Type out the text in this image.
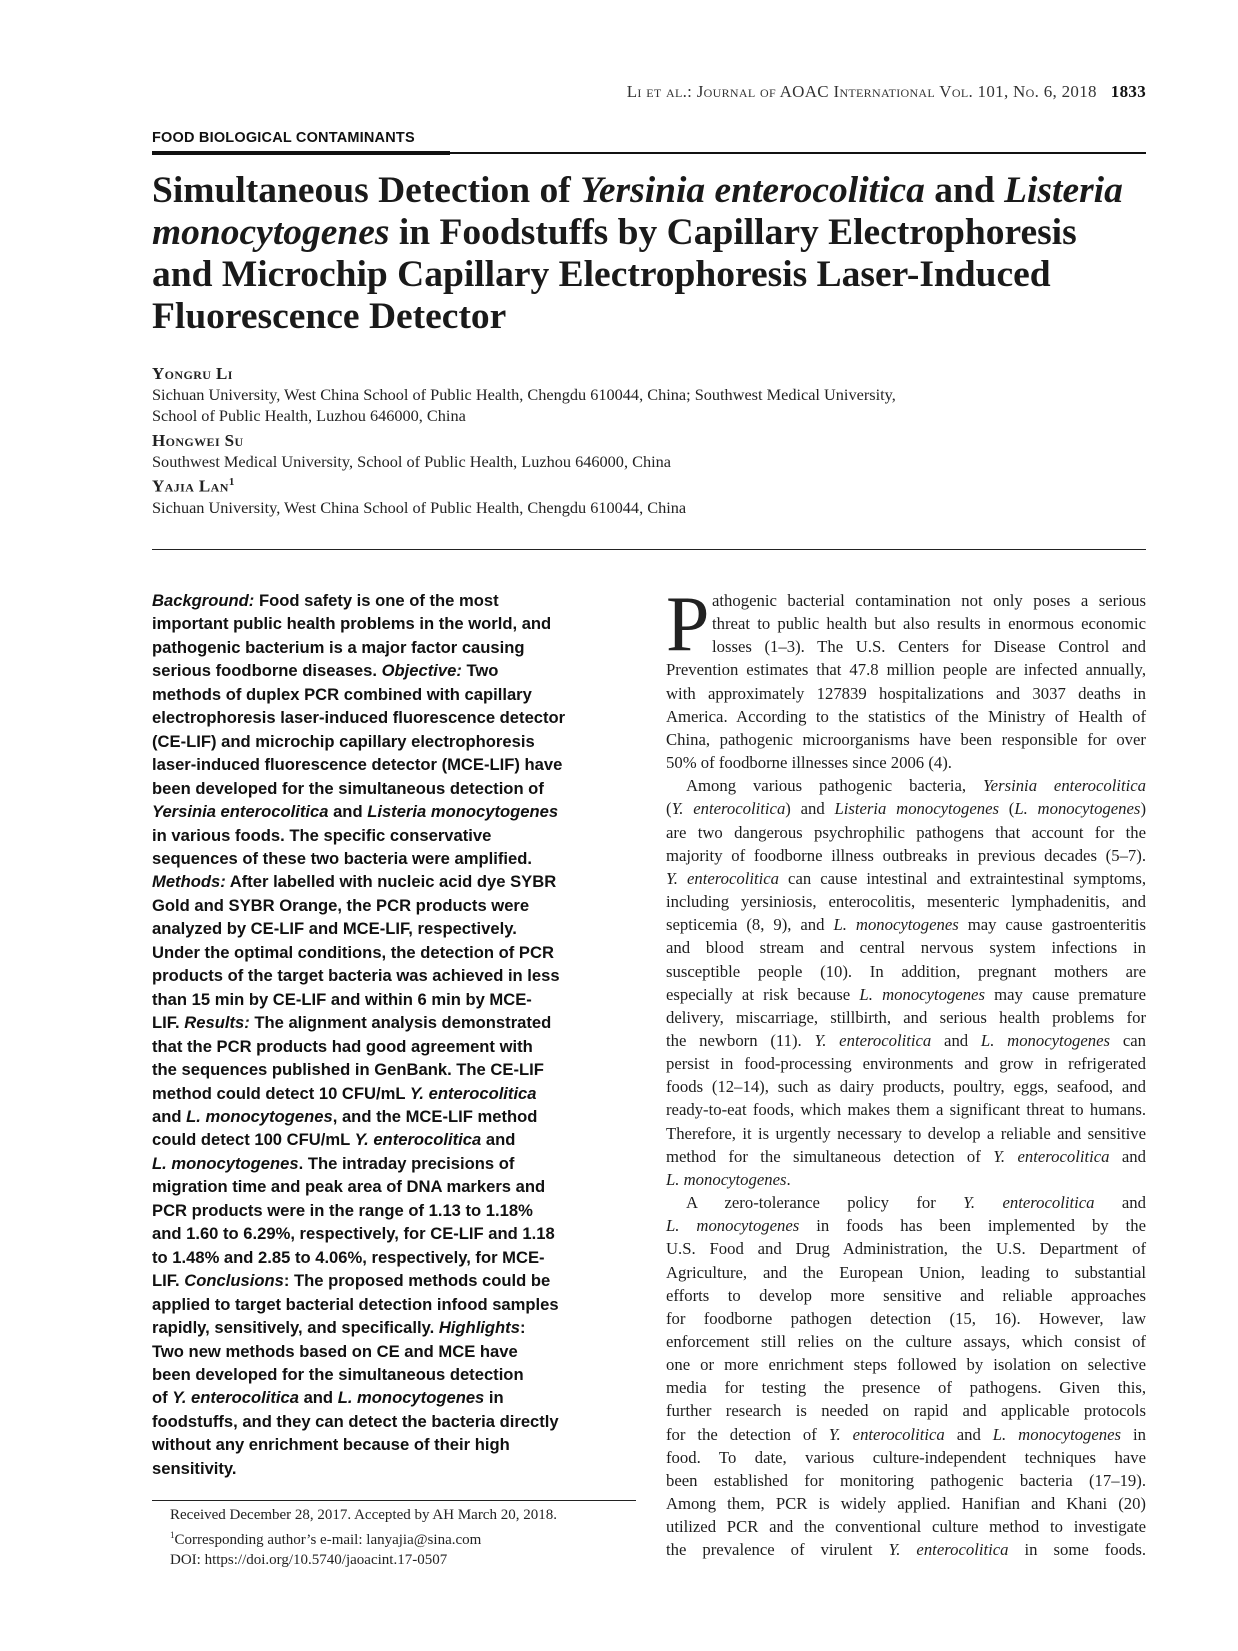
Li et al.: Journal of AOAC International Vol. 101, No. 6, 2018 1833
FOOD BIOLOGICAL CONTAMINANTS
Simultaneous Detection of Yersinia enterocolitica and Listeria
monocytogenes in Foodstuffs by Capillary Electrophoresis
and Microchip Capillary Electrophoresis Laser-Induced
Fluorescence Detector
Yongru Li
Sichuan University, West China School of Public Health, Chengdu 610044, China; Southwest Medical University,
School of Public Health, Luzhou 646000, China
Hongwei Su
Southwest Medical University, School of Public Health, Luzhou 646000, China
Yajia Lan$^1$
Sichuan University, West China School of Public Health, Chengdu 610044, China
Background: Food safety is one of the most
important public health problems in the world, and
pathogenic bacterium is a major factor causing
serious foodborne diseases. Objective: Two
methods of duplex PCR combined with capillary
electrophoresis laser-induced fluorescence detector
(CE-LIF) and microchip capillary electrophoresis
laser-induced fluorescence detector (MCE-LIF) have
been developed for the simultaneous detection of
Yersinia enterocolitica and Listeria monocytogenes
in various foods. The specific conservative
sequences of these two bacteria were amplified.
Methods: After labelled with nucleic acid dye SYBR
Gold and SYBR Orange, the PCR products were
analyzed by CE-LIF and MCE-LIF, respectively.
Under the optimal conditions, the detection of PCR
products of the target bacteria was achieved in less
than 15 min by CE-LIF and within 6 min by MCE-
LIF. Results: The alignment analysis demonstrated
that the PCR products had good agreement with
the sequences published in GenBank. The CE-LIF
method could detect 10 CFU/mL Y. enterocolitica
and L. monocytogenes, and the MCE-LIF method
could detect 100 CFU/mL Y. enterocolitica and
L. monocytogenes. The intraday precisions of
migration time and peak area of DNA markers and
PCR products were in the range of 1.13 to 1.18%
and 1.60 to 6.29%, respectively, for CE-LIF and 1.18
to 1.48% and 2.85 to 4.06%, respectively, for MCE-
LIF. Conclusions: The proposed methods could be
applied to target bacterial detection infood samples
rapidly, sensitively, and specifically. Highlights:
Two new methods based on CE and MCE have
been developed for the simultaneous detection
of Y. enterocolitica and L. monocytogenes in
foodstuffs, and they can detect the bacteria directly
without any enrichment because of their high
sensitivity.
Received December 28, 2017. Accepted by AH March 20, 2018.
$^1$Corresponding author’s e-mail: lanyajia@sina.com
DOI: https://doi.org/10.5740/jaoacint.17-0507
P athogenic bacterial contamination not only poses a serious
threat to public health but also results in enormous economic
losses (1–3). The U.S. Centers for Disease Control and
Prevention estimates that 47.8 million people are infected annually,
with approximately 127839 hospitalizations and 3037 deaths in
America. According to the statistics of the Ministry of Health of
China, pathogenic microorganisms have been responsible for over
50% of foodborne illnesses since 2006 (4).
Among various pathogenic bacteria, Yersinia enterocolitica
(Y. enterocolitica) and Listeria monocytogenes (L. monocytogenes)
are two dangerous psychrophilic pathogens that account for the
majority of foodborne illness outbreaks in previous decades (5–7).
Y. enterocolitica can cause intestinal and extraintestinal symptoms,
including yersiniosis, enterocolitis, mesenteric lymphadenitis, and
septicemia (8, 9), and L. monocytogenes may cause gastroenteritis
and blood stream and central nervous system infections in
susceptible people (10). In addition, pregnant mothers are
especially at risk because L. monocytogenes may cause premature
delivery, miscarriage, stillbirth, and serious health problems for
the newborn (11). Y. enterocolitica and L. monocytogenes can
persist in food-processing environments and grow in refrigerated
foods (12–14), such as dairy products, poultry, eggs, seafood, and
ready-to-eat foods, which makes them a significant threat to humans.
Therefore, it is urgently necessary to develop a reliable and sensitive
method for the simultaneous detection of Y. enterocolitica and
L. monocytogenes.
A zero-tolerance policy for Y. enterocolitica and
L. monocytogenes in foods has been implemented by the
U.S. Food and Drug Administration, the U.S. Department of
Agriculture, and the European Union, leading to substantial
efforts to develop more sensitive and reliable approaches
for foodborne pathogen detection (15, 16). However, law
enforcement still relies on the culture assays, which consist of
one or more enrichment steps followed by isolation on selective
media for testing the presence of pathogens. Given this,
further research is needed on rapid and applicable protocols
for the detection of Y. enterocolitica and L. monocytogenes in
food. To date, various culture-independent techniques have
been established for monitoring pathogenic bacteria (17–19).
Among them, PCR is widely applied. Hanifian and Khani (20)
utilized PCR and the conventional culture method to investigate
the prevalence of virulent Y. enterocolitica in some foods.
